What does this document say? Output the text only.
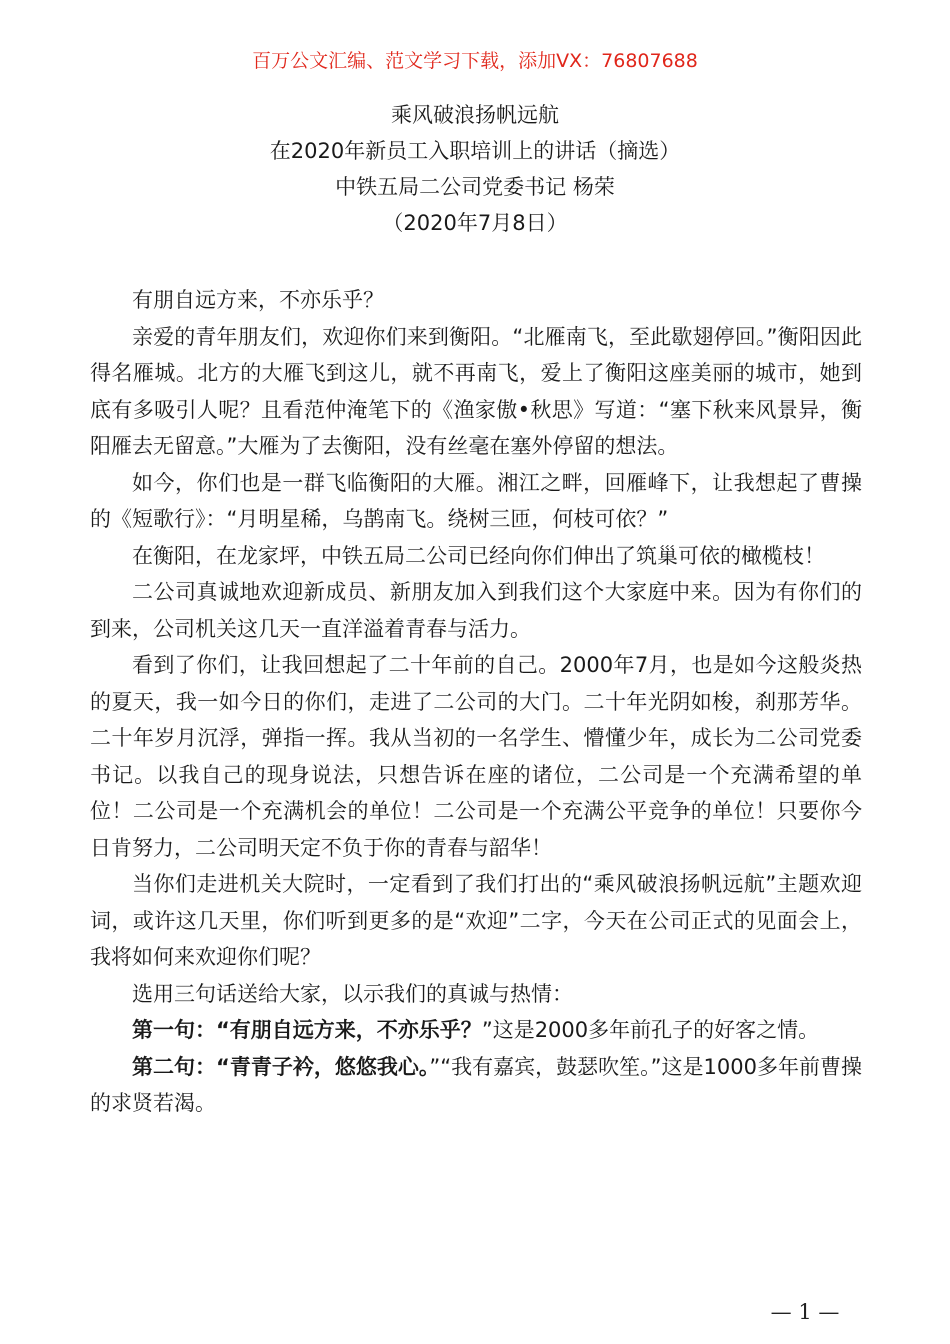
百万公文汇编、范文学习下载，添加VX：76807688
乘风破浪扬帆远航
在2020年新员工入职培训上的讲话（摘选）
中铁五局二公司党委书记 杨荣
（2020年7月8日）

有朋自远方来，不亦乐乎？

亲爱的青年朋友们，欢迎你们来到衡阳。“北雁南飞，至此歇翅停回。”衡阳因此得名雁城。北方的大雁飞到这儿，就不再南飞，爱上了衡阳这座美丽的城市，她到底有多吸引人呢？且看范仲淹笔下的《渔家傲•秋思》写道：“塞下秋来风景异，衡阳雁去无留意。”大雁为了去衡阳，没有丝毫在塞外停留的想法。

如今，你们也是一群飞临衡阳的大雁。湘江之畔，回雁峰下，让我想起了曹操的《短歌行》：“月明星稀，乌鹊南飞。绕树三匝，何枝可依？”

在衡阳，在龙家坪，中铁五局二公司已经向你们伸出了筑巢可依的橄榄枝！

二公司真诚地欢迎新成员、新朋友加入到我们这个大家庭中来。因为有你们的到来，公司机关这几天一直洋溢着青春与活力。

看到了你们，让我回想起了二十年前的自己。2000年7月，也是如今这般炎热的夏天，我一如今日的你们，走进了二公司的大门。二十年光阴如梭，刹那芳华。二十年岁月沉浮，弹指一挥。我从当初的一名学生、懵懂少年，成长为二公司党委书记。以我自己的现身说法，只想告诉在座的诸位，二公司是一个充满希望的单位！二公司是一个充满机会的单位！二公司是一个充满公平竞争的单位！只要你今日肯努力，二公司明天定不负于你的青春与韶华！

当你们走进机关大院时，一定看到了我们打出的“乘风破浪扬帆远航”主题欢迎词，或许这几天里，你们听到更多的是“欢迎”二字，今天在公司正式的见面会上，我将如何来欢迎你们呢？

选用三句话送给大家，以示我们的真诚与热情：

第一句：“有朋自远方来，不亦乐乎？”这是2000多年前孔子的好客之情。

第二句：“青青子衿，悠悠我心。”“我有嘉宾，鼓瑟吹笙。”这是1000多年前曹操的求贤若渴。

— 1 —
